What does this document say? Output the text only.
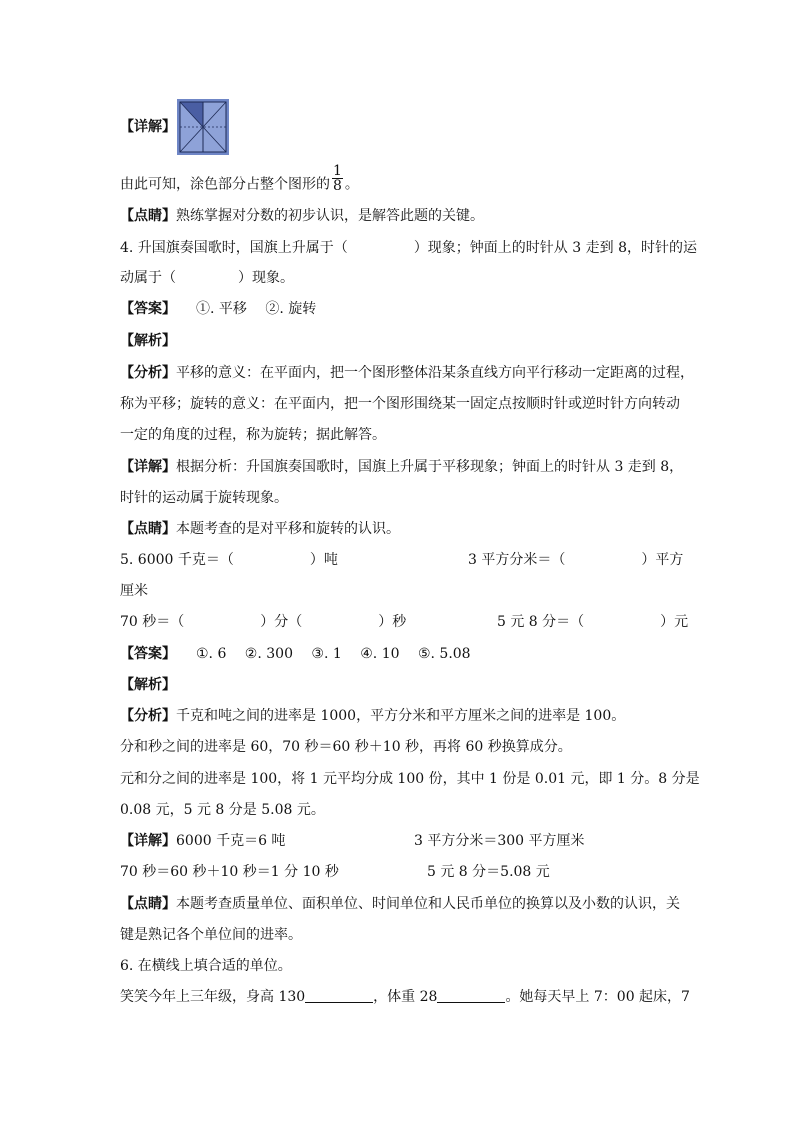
【详解】
由此可知，涂色部分占整个图形的 $\frac{1}{8}$ 。
【点睛】熟练掌握对分数的初步认识，是解答此题的关键。
4. 升国旗奏国歌时，国旗上升属于（	）现象；钟面上的时针从 3 走到 8，时针的运
动属于（	）现象。
【答案】 ①. 平移　 ②. 旋转
【解析】
【分析】平移的意义：在平面内，把一个图形整体沿某条直线方向平行移动一定距离的过程，
称为平移；旋转的意义：在平面内，把一个图形围绕某一固定点按顺时针或逆时针方向转动
一定的角度的过程，称为旋转；据此解答。
【详解】根据分析：升国旗奏国歌时，国旗上升属于平移现象；钟面上的时针从 3 走到 8，
时针的运动属于旋转现象。
【点睛】本题考查的是对平移和旋转的认识。
5. 6000 千克＝（	）吨	3 平方分米＝（	）平方
厘米
70 秒＝（	）分（	）秒	5 元 8 分＝（	）元
【答案】 ①. 6　 ②. 300　 ③. 1　 ④. 10　 ⑤. 5.08
【解析】
【分析】千克和吨之间的进率是 1000，平方分米和平方厘米之间的进率是 100。
分和秒之间的进率是 60，70 秒＝60 秒＋10 秒，再将 60 秒换算成分。
元和分之间的进率是 100，将 1 元平均分成 100 份，其中 1 份是 0.01 元，即 1 分。8 分是
0.08 元，5 元 8 分是 5.08 元。
【详解】6000 千克＝6 吨	3 平方分米＝300 平方厘米
70 秒＝60 秒＋10 秒＝1 分 10 秒	5 元 8 分＝5.08 元
【点睛】本题考查质量单位、面积单位、时间单位和人民币单位的换算以及小数的认识，关
键是熟记各个单位间的进率。
6. 在横线上填合适的单位。
笑笑今年上三年级，身高 130	，体重 28	。她每天早上 7：00 起床，7
